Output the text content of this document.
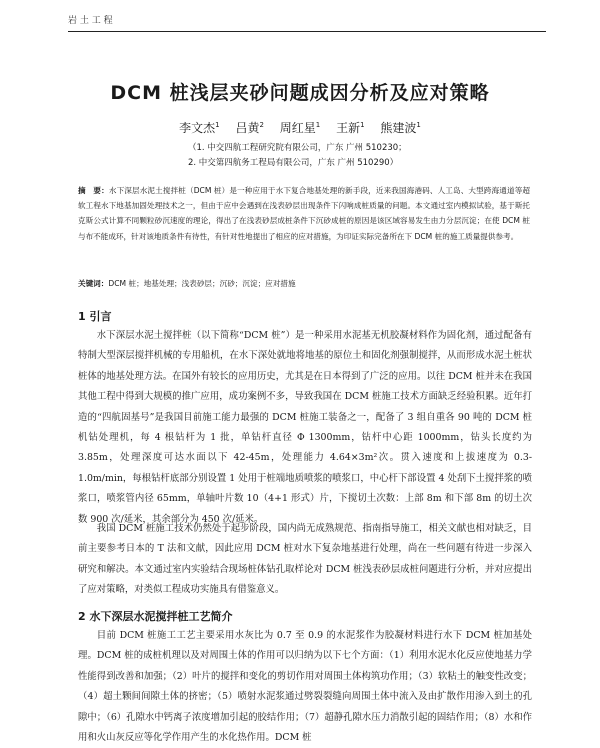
岩 土 工 程
DCM 桩浅层夹砂问题成因分析及应对策略
李文杰$^1$ 吕黄$^2$ 周红星$^1$ 王新$^1$ 熊建波$^1$
（1. 中交四航工程研究院有限公司，广东 广州 510230；
2. 中交第四航务工程局有限公司，广东 广州 510290）
摘　要：水下深层水泥土搅拌桩（DCM 桩）是一种应用于水下复合地基处理的新手段，近来我国海港码、人工岛、大型跨海通道等超软工程水下地基加固处理技术之一，但由于应中会遇到在浅表砂层出现条件下闪响成桩质量的问题。本文通过室内模拟试验，基于斯托克斯公式计算不同颗粒砂沉速度的理论，得出了在浅表砂层成桩条件下沉砂成桩的原因是该区域容易发生由力分层沉淀；在使 DCM 桩与布不能成环，针对该地质条件有待性，有针对性地提出了相应的应对措施，为印证实际完备所在下 DCM 桩的施工质量提供参考。
关键词：DCM 桩；地基处理；浅表砂层；沉砂；沉淀；应对措施
1 引言
水下深层水泥土搅拌桩（以下简称“DCM 桩”）是一种采用水泥基无机胶凝材料作为固化剂，通过配备有特制大型深层搅拌机械的专用船机，在水下深处就地将地基的原位土和固化剂强制搅拌，从而形成水泥土桩状桩体的地基处理方法。在国外有较长的应用历史，尤其是在日本得到了广泛的应用。以往 DCM 桩并未在我国其他工程中得到大规模的推广应用，成功案例不多，导致我国在 DCM 桩施工技术方面缺乏经验积累。近年打造的“四航固基号”是我国目前施工能力最强的 DCM 桩施工装备之一，配备了 3 组自重各 90 吨的 DCM 桩机钻处理机，每 4 根钻杆为 1 批，单钻杆直径 Φ 1300mm，钻杆中心距 1000mm，钻头长度约为 3.85m，处理深度可达水面以下 42-45m，处理能力 4.64×3m²次。贯入速度和上拔速度为 0.3-1.0m/min，每根钻杆底部分别设置 1 处用于桩端地质喷浆的喷浆口，中心杆下部设置 4 处刮下土搅拌浆的喷浆口，喷浆管内径 65mm，单轴叶片数 10（4+1 形式）片，下搅切土次数：上部 8m 和下部 8m 的切土次数 900 次/延米，其余部分为 450 次/延米。
我国 DCM 桩施工技术仍然处于起步阶段，国内尚无成熟规范、指南指导施工，相关文献也相对缺乏，目前主要参考日本的 T 法和文献，因此应用 DCM 桩对水下复杂地基进行处理，尚在一些问题有待进一步深入研究和解决。本文通过室内实验结合现场桩体钻孔取样论对 DCM 桩浅表砂层成桩问题进行分析，并对应提出了应对策略，对类似工程成功实施具有借鉴意义。
2 水下深层水泥搅拌桩工艺简介
目前 DCM 桩施工工艺主要采用水灰比为 0.7 至 0.9 的水泥浆作为胶凝材料进行水下 DCM 桩加基处理。DCM 桩的成桩机理以及对周围土体的作用可以归纳为以下七个方面：（1）利用水泥水化反应使地基力学性能得到改善和加强；（2）叶片的搅拌和变化的剪切作用对周围土体构筑功作用；（3）软粘土的触变性改变；（4）超土颗间间隙土体的挤密；（5）喷射水泥浆通过劈裂裂缝向周围土体中流入及由扩散作用渗入到土的孔隙中；（6）孔隙水中钙离子浓度增加引起的胶结作用；（7）超静孔隙水压力消散引起的固结作用；（8）水和作用和火山灰反应等化学作用产生的水化热作用。DCM 桩
